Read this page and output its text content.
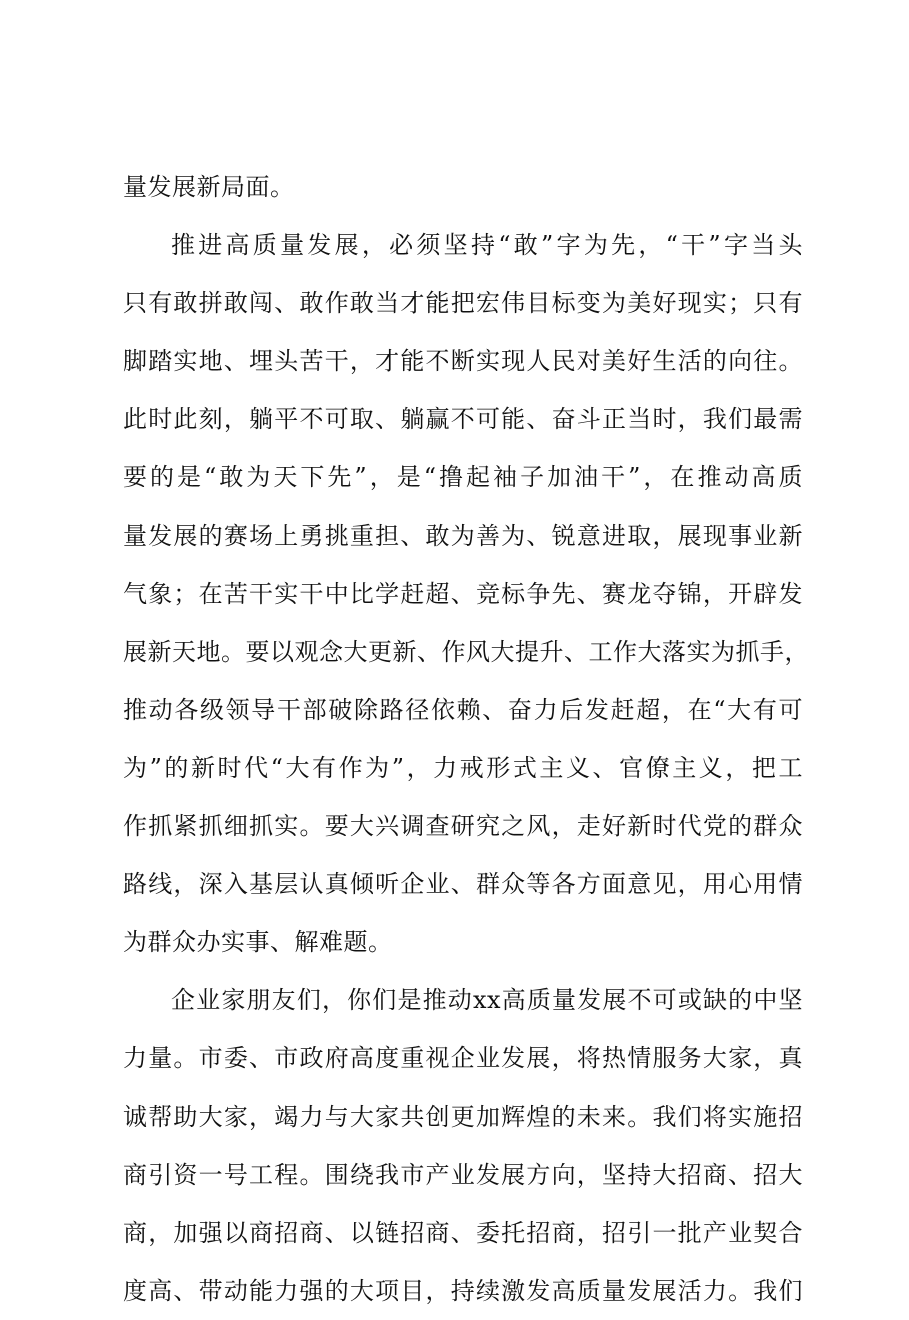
量发展新局面。
推进高质量发展，必须坚持“敢”字为先，“干”字当头
只有敢拼敢闯、敢作敢当才能把宏伟目标变为美好现实；只有
脚踏实地、埋头苦干，才能不断实现人民对美好生活的向往。
此时此刻，躺平不可取、躺赢不可能、奋斗正当时，我们最需
要的是“敢为天下先”，是“撸起袖子加油干”，在推动高质
量发展的赛场上勇挑重担、敢为善为、锐意进取，展现事业新
气象；在苦干实干中比学赶超、竞标争先、赛龙夺锦，开辟发
展新天地。要以观念大更新、作风大提升、工作大落实为抓手，
推动各级领导干部破除路径依赖、奋力后发赶超，在“大有可
为”的新时代“大有作为”，力戒形式主义、官僚主义，把工
作抓紧抓细抓实。要大兴调查研究之风，走好新时代党的群众
路线，深入基层认真倾听企业、群众等各方面意见，用心用情
为群众办实事、解难题。
企业家朋友们，你们是推动xx高质量发展不可或缺的中坚
力量。市委、市政府高度重视企业发展，将热情服务大家，真
诚帮助大家，竭力与大家共创更加辉煌的未来。我们将实施招
商引资一号工程。围绕我市产业发展方向，坚持大招商、招大
商，加强以商招商、以链招商、委托招商，招引一批产业契合
度高、带动能力强的大项目，持续激发高质量发展活力。我们
